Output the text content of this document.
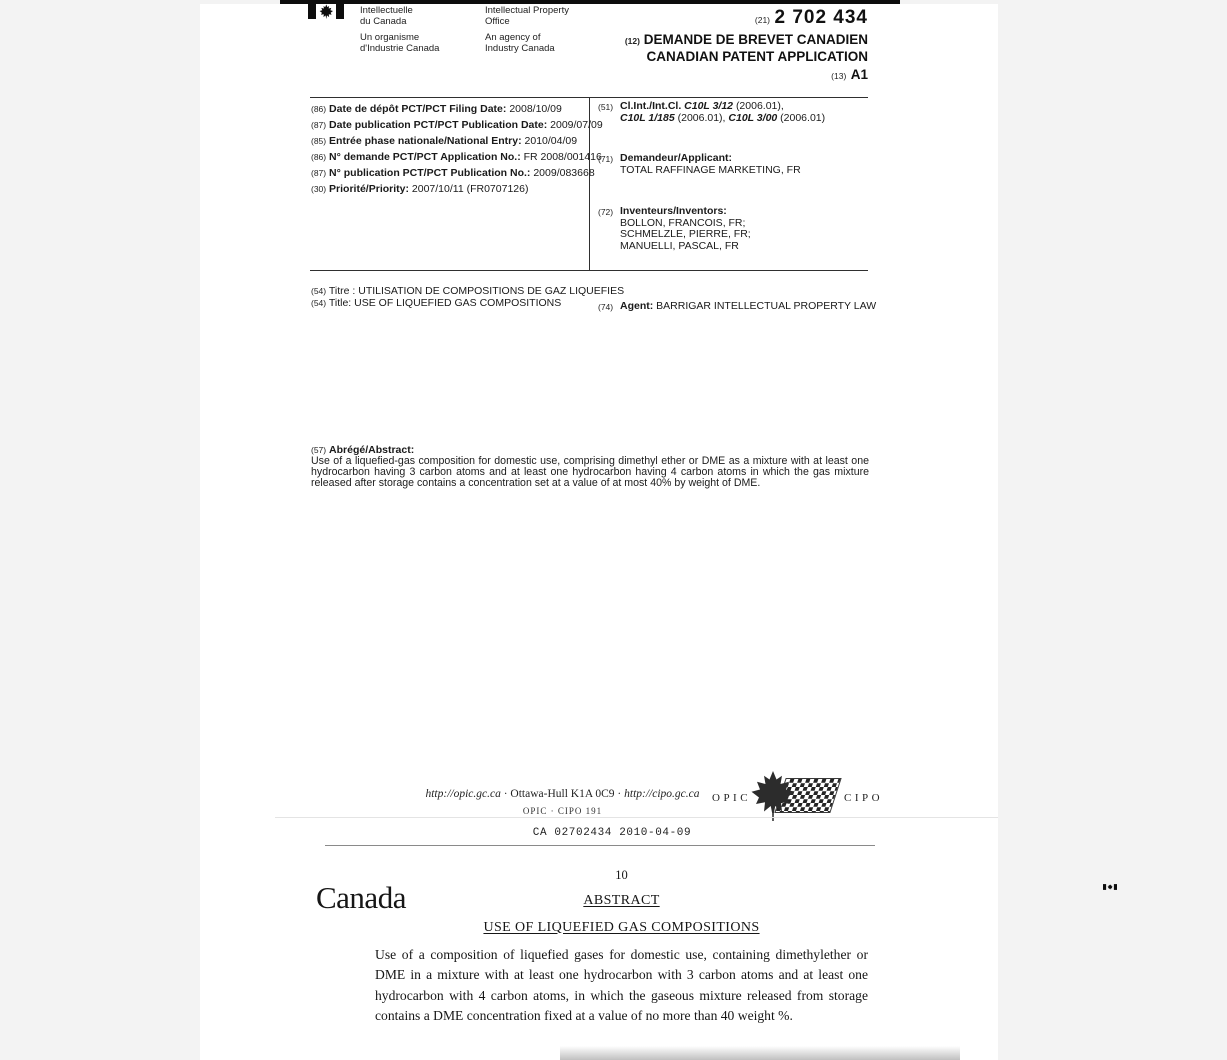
Intellectuelle
du Canada
Un organisme
d'Industrie Canada
Intellectual Property
Office
An agency of
Industry Canada
(21) 2 702 434
(12) DEMANDE DE BREVET CANADIEN
CANADIAN PATENT APPLICATION
(13) A1
(86) Date de dépôt PCT/PCT Filing Date: 2008/10/09
(87) Date publication PCT/PCT Publication Date: 2009/07/09
(85) Entrée phase nationale/National Entry: 2010/04/09
(86) N° demande PCT/PCT Application No.: FR 2008/001416
(87) N° publication PCT/PCT Publication No.: 2009/083668
(30) Priorité/Priority: 2007/10/11 (FR0707126)
(51) Cl.Int./Int.Cl. C10L 3/12 (2006.01),
C10L 1/185 (2006.01), C10L 3/00 (2006.01)
(71) Demandeur/Applicant:
TOTAL RAFFINAGE MARKETING, FR
(72) Inventeurs/Inventors:
BOLLON, FRANCOIS, FR;
SCHMELZLE, PIERRE, FR;
MANUELLI, PASCAL, FR
(74) Agent: BARRIGAR INTELLECTUAL PROPERTY LAW
(54) Titre : UTILISATION DE COMPOSITIONS DE GAZ LIQUEFIES
(54) Title: USE OF LIQUEFIED GAS COMPOSITIONS
(57) Abrégé/Abstract:
Use of a liquefied-gas composition for domestic use, comprising dimethyl ether or DME as a mixture with at least one hydrocarbon having 3 carbon atoms and at least one hydrocarbon having 4 carbon atoms in which the gas mixture released after storage contains a concentration set at a value of at most 40% by weight of DME.
Canada
http://opic.gc.ca · Ottawa-Hull K1A 0C9 · http://cipo.gc.ca
OPIC · CIPO 191
OPIC	CIPO
CA 02702434 2010-04-09
10
ABSTRACT
USE OF LIQUEFIED GAS COMPOSITIONS
Use of a composition of liquefied gases for domestic use, containing dimethylether or DME in a mixture with at least one hydrocarbon with 3 carbon atoms and at least one hydrocarbon with 4 carbon atoms, in which the gaseous mixture released from storage contains a DME concentration fixed at a value of no more than 40 weight %.
